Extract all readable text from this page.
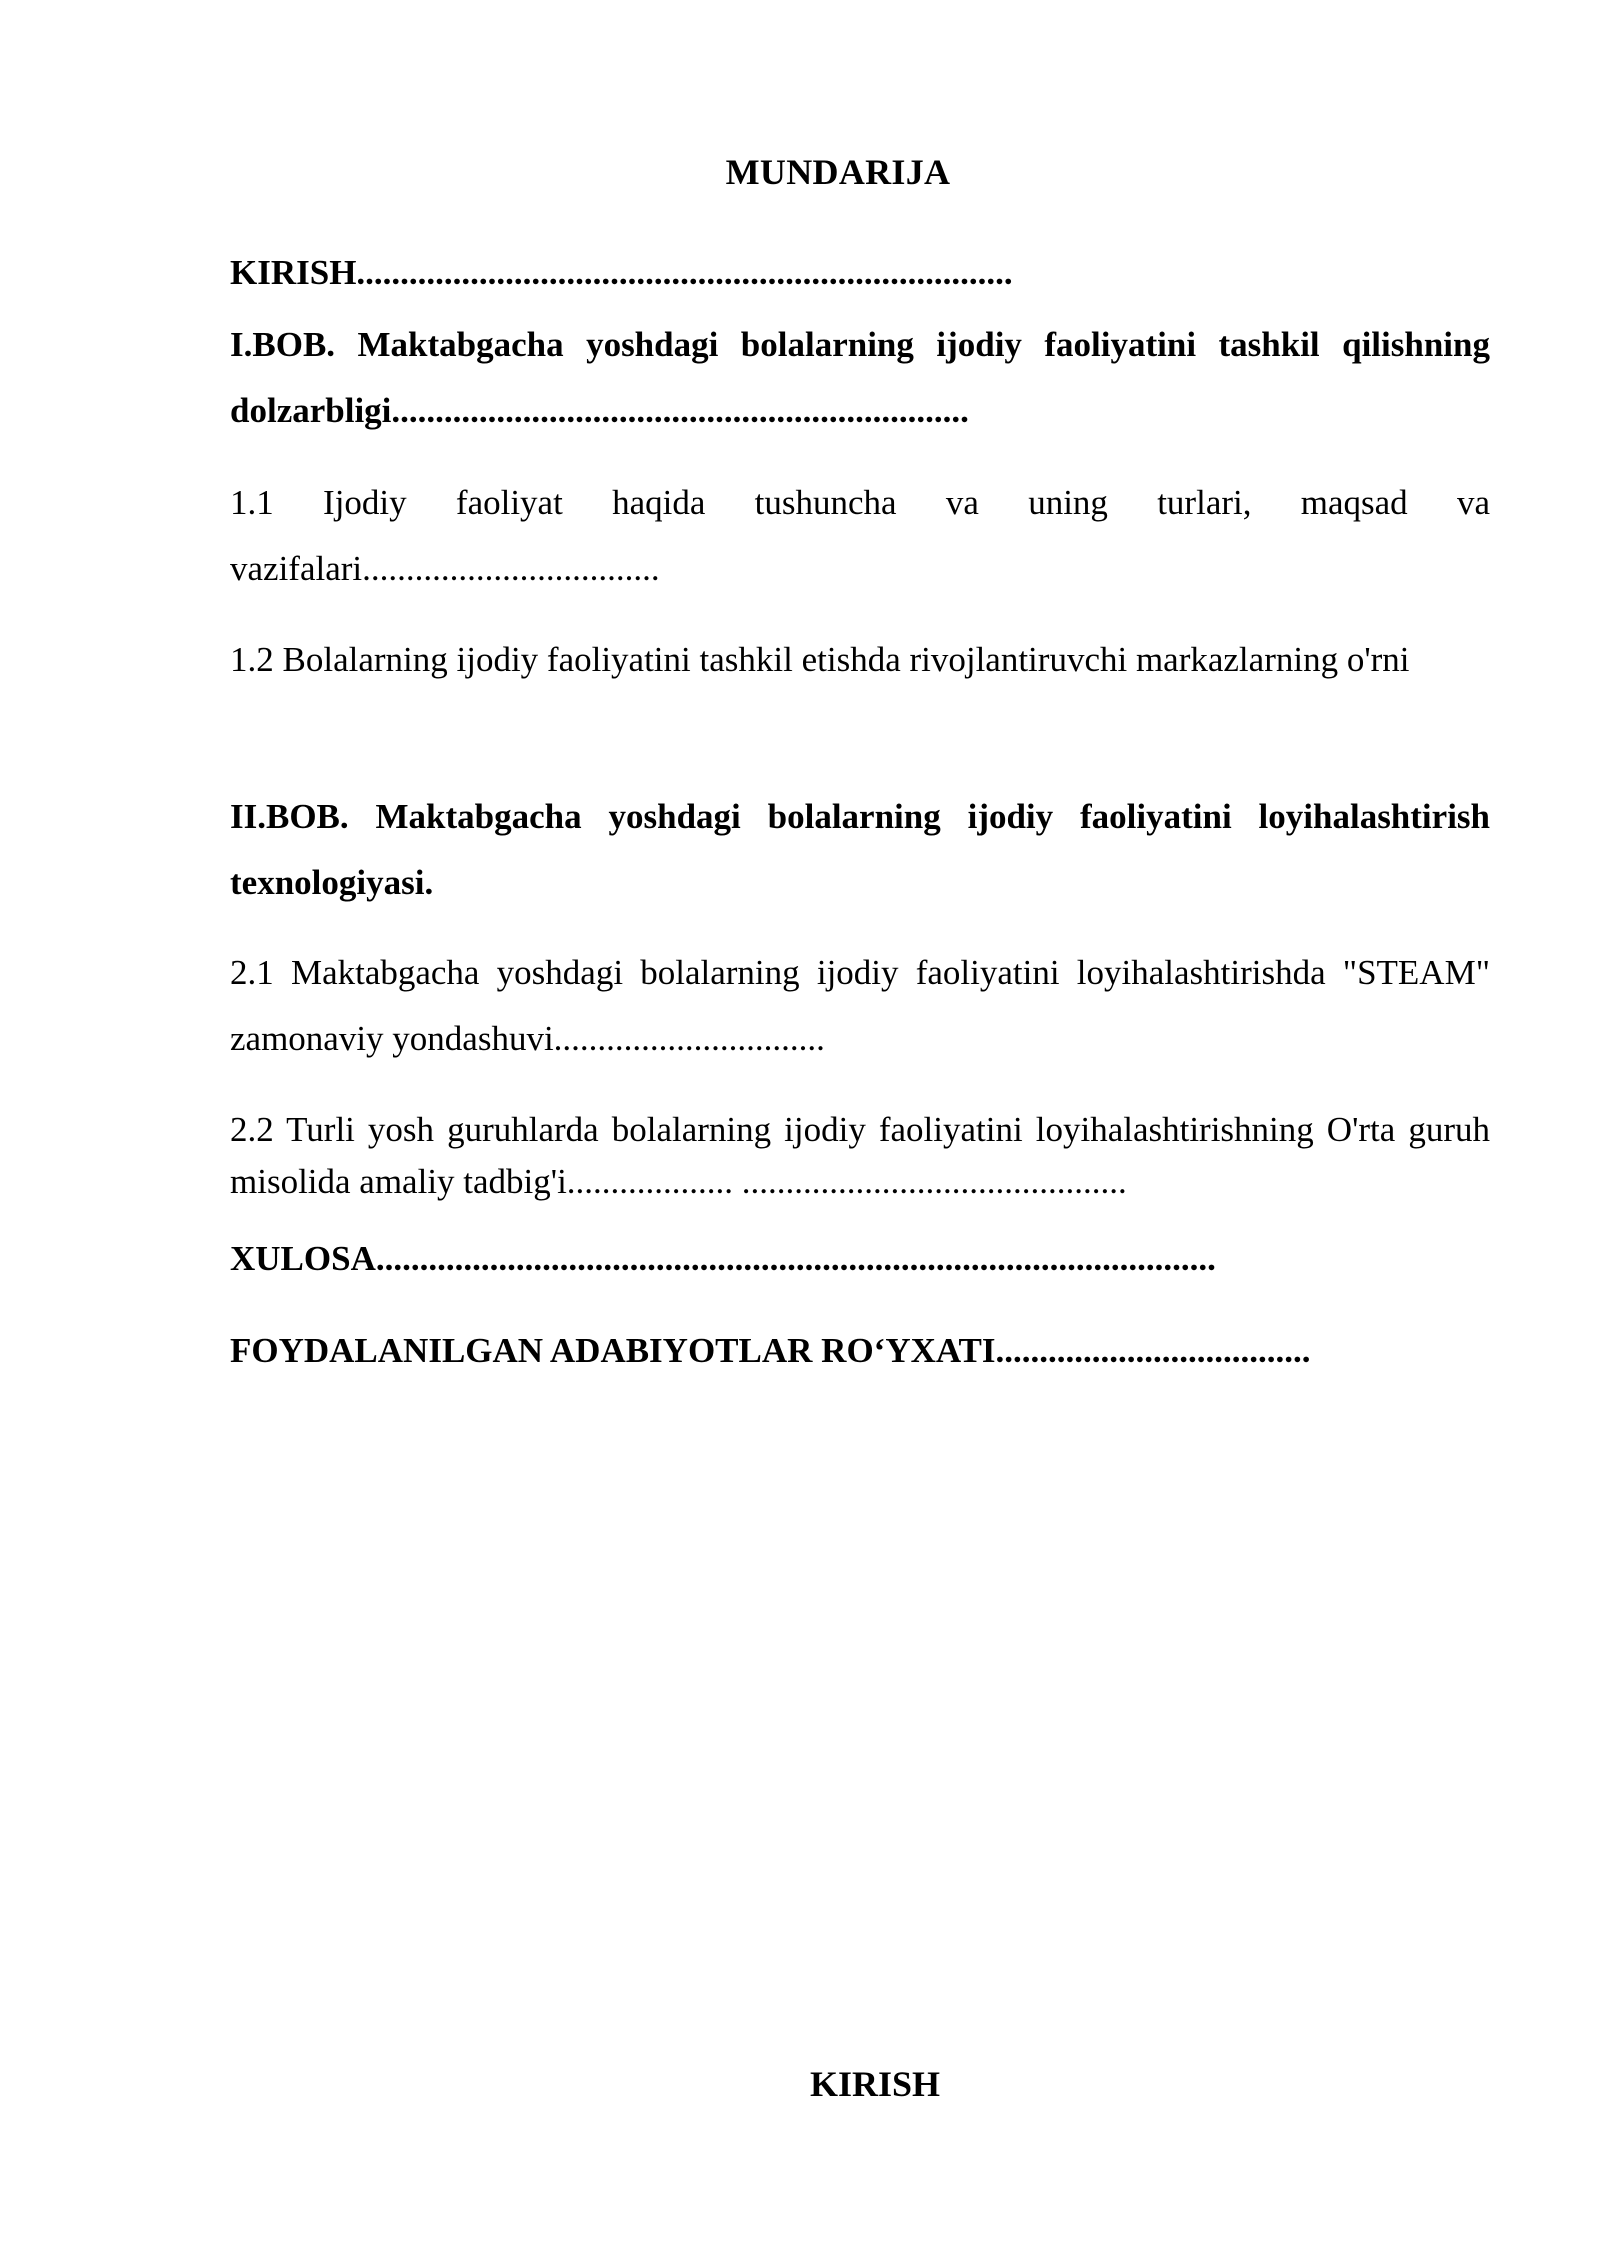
MUNDARIJA

KIRISH...........................................................................

I.BOB. Maktabgacha yoshdagi bolalarning ijodiy faoliyatini tashkil qilishning dolzarbligi..................................................................

1.1 Ijodiy faoliyat haqida tushuncha va uning turlari, maqsad va vazifalari..................................

1.2 Bolalarning ijodiy faoliyatini tashkil etishda rivojlantiruvchi markazlarning o'rni

II.BOB. Maktabgacha yoshdagi bolalarning ijodiy faoliyatini loyihalashtirish texnologiyasi.

2.1 Maktabgacha yoshdagi bolalarning ijodiy faoliyatini loyihalashtirishda "STEAM" zamonaviy yondashuvi...............................

2.2 Turli yosh guruhlarda bolalarning ijodiy faoliyatini loyihalashtirishning O'rta guruh misolida amaliy tadbig'i................... ............................................

XULOSA................................................................................................

FOYDALANILGAN ADABIYOTLAR RO‘YXATI....................................

KIRISH
